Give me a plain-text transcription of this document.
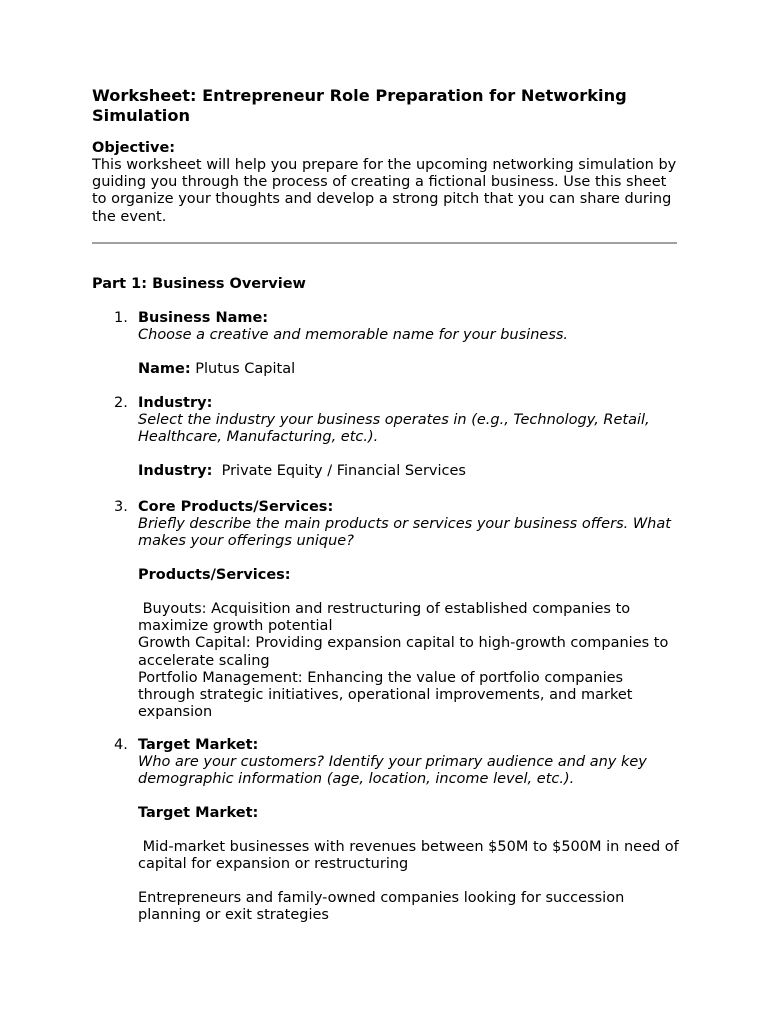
Worksheet: Entrepreneur Role Preparation for Networking Simulation

Objective:

This worksheet will help you prepare for the upcoming networking simulation by guiding you through the process of creating a fictional business. Use this sheet to organize your thoughts and develop a strong pitch that you can share during the event.

Part 1: Business Overview

1. Business Name:

Choose a creative and memorable name for your business.

Name: Plutus Capital

2. Industry:

Select the industry your business operates in (e.g., Technology, Retail, Healthcare, Manufacturing, etc.).

Industry:  Private Equity / Financial Services

3. Core Products/Services:

Briefly describe the main products or services your business offers. What makes your offerings unique?

Products/Services:

Buyouts: Acquisition and restructuring of established companies to maximize growth potential

Growth Capital: Providing expansion capital to high-growth companies to accelerate scaling

Portfolio Management: Enhancing the value of portfolio companies through strategic initiatives, operational improvements, and market expansion

4. Target Market:

Who are your customers? Identify your primary audience and any key demographic information (age, location, income level, etc.).

Target Market:

Mid-market businesses with revenues between $50M to $500M in need of capital for expansion or restructuring

Entrepreneurs and family-owned companies looking for succession planning or exit strategies
